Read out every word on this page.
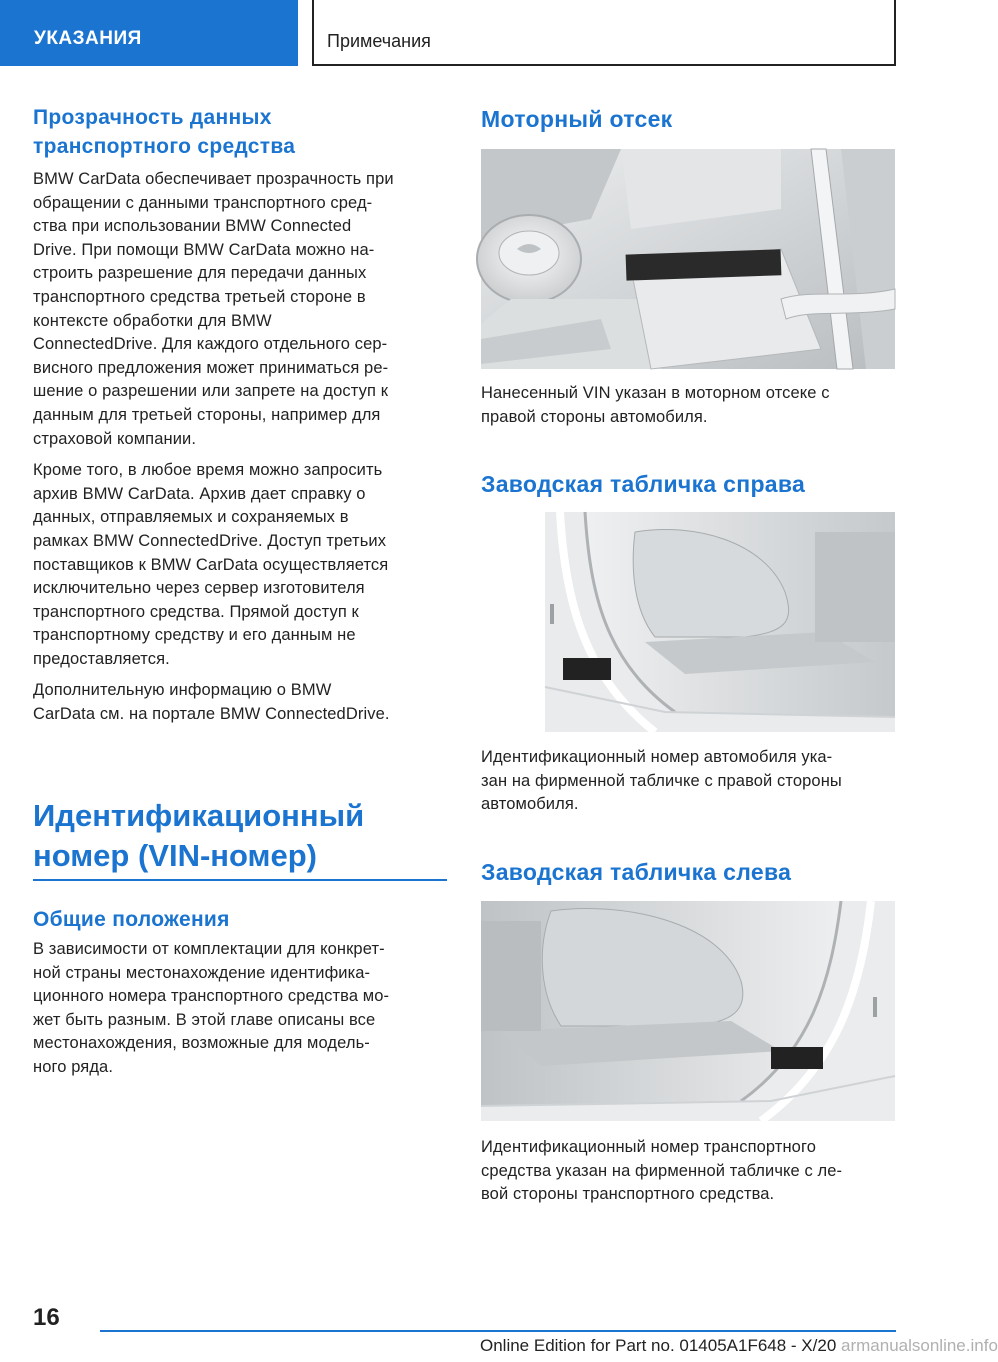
УКАЗАНИЯ	Примечания
Прозрачность данных
транспортного средства

BMW CarData обеспечивает прозрачность при
обращении с данными транспортного сред-
ства при использовании BMW Connected
Drive. При помощи BMW CarData можно на-
строить разрешение для передачи данных
транспортного средства третьей стороне в
контексте обработки для BMW
ConnectedDrive. Для каждого отдельного сер-
висного предложения может приниматься ре-
шение о разрешении или запрете на доступ к
данным для третьей стороны, например для
страховой компании.

Кроме того, в любое время можно запросить
архив BMW CarData. Архив дает справку о
данных, отправляемых и сохраняемых в
рамках BMW ConnectedDrive. Доступ третьих
поставщиков к BMW CarData осуществляется
исключительно через сервер изготовителя
транспортного средства. Прямой доступ к
транспортному средству и его данным не
предоставляется.

Дополнительную информацию о BMW
CarData см. на портале BMW ConnectedDrive.

Идентификационный
номер (VIN-номер)
Общие положения

В зависимости от комплектации для конкрет-
ной страны местонахождение идентифика-
ционного номера транспортного средства мо-
жет быть разным. В этой главе описаны все
местонахождения, возможные для модель-
ного ряда.

Моторный отсек

Нанесенный VIN указан в моторном отсеке с
правой стороны автомобиля.

Заводская табличка справа

Идентификационный номер автомобиля ука-
зан на фирменной табличке с правой стороны
автомобиля.

Заводская табличка слева

Идентификационный номер транспортного
средства указан на фирменной табличке с ле-
вой стороны транспортного средства.

16
Online Edition for Part no. 01405A1F648 - X/20 armanualsonline.info
